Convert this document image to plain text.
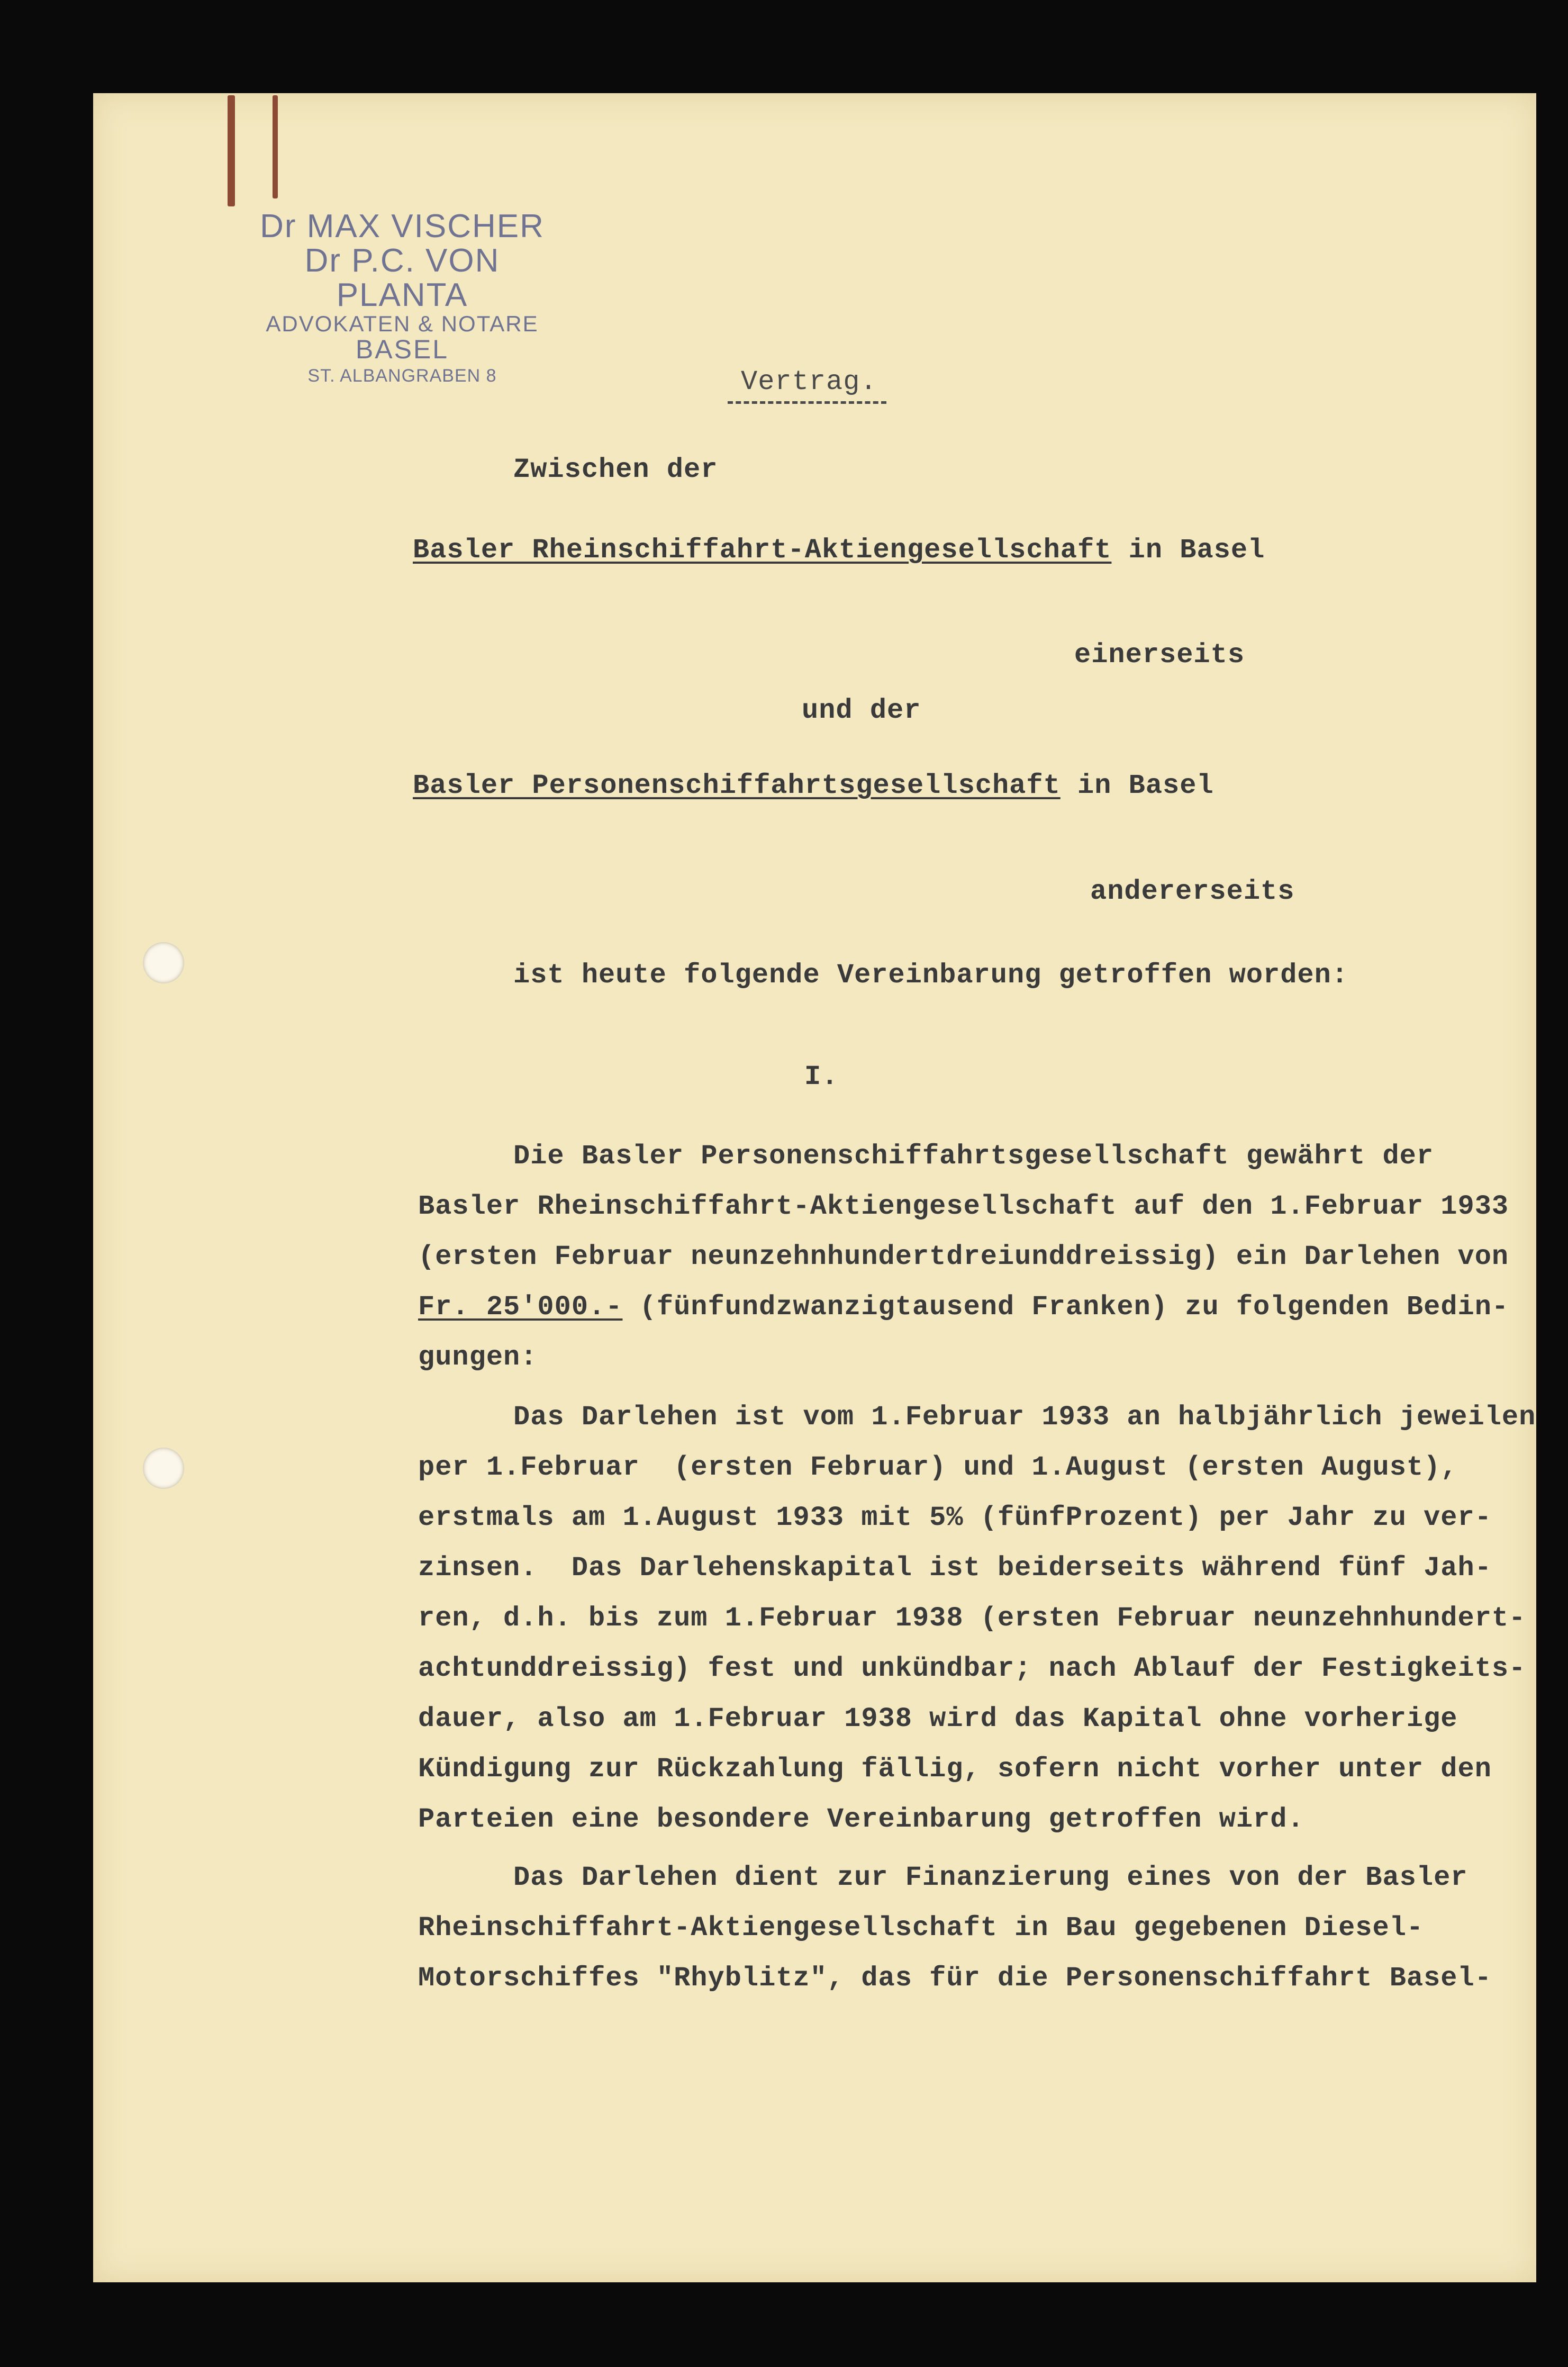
Dr MAX VISCHER
Dr P.C. VON PLANTA
ADVOKATEN & NOTARE
BASEL
ST. ALBANGRABEN 8	Vertrag.
Zwischen der
Basler Rheinschiffahrt-Aktiengesellschaft in Basel
einerseits
und der
Basler Personenschiffahrtsgesellschaft in Basel
andererseits
ist heute folgende Vereinbarung getroffen worden:
I.
Die Basler Personenschiffahrtsgesellschaft gewährt der
Basler Rheinschiffahrt-Aktiengesellschaft auf den 1.Februar 1933
(ersten Februar neunzehnhundertdreiunddreissig) ein Darlehen von
Fr. 25'000.- (fünfundzwanzigtausend Franken) zu folgenden Bedin-
gungen:
Das Darlehen ist vom 1.Februar 1933 an halbjährlich jeweilen
per 1.Februar  (ersten Februar) und 1.August (ersten August),
erstmals am 1.August 1933 mit 5% (fünfProzent) per Jahr zu ver-
zinsen.  Das Darlehenskapital ist beiderseits während fünf Jah-
ren, d.h. bis zum 1.Februar 1938 (ersten Februar neunzehnhundert-
achtunddreissig) fest und unkündbar; nach Ablauf der Festigkeits-
dauer, also am 1.Februar 1938 wird das Kapital ohne vorherige
Kündigung zur Rückzahlung fällig, sofern nicht vorher unter den
Parteien eine besondere Vereinbarung getroffen wird.
Das Darlehen dient zur Finanzierung eines von der Basler
Rheinschiffahrt-Aktiengesellschaft in Bau gegebenen Diesel-
Motorschiffes "Rhyblitz", das für die Personenschiffahrt Basel-
